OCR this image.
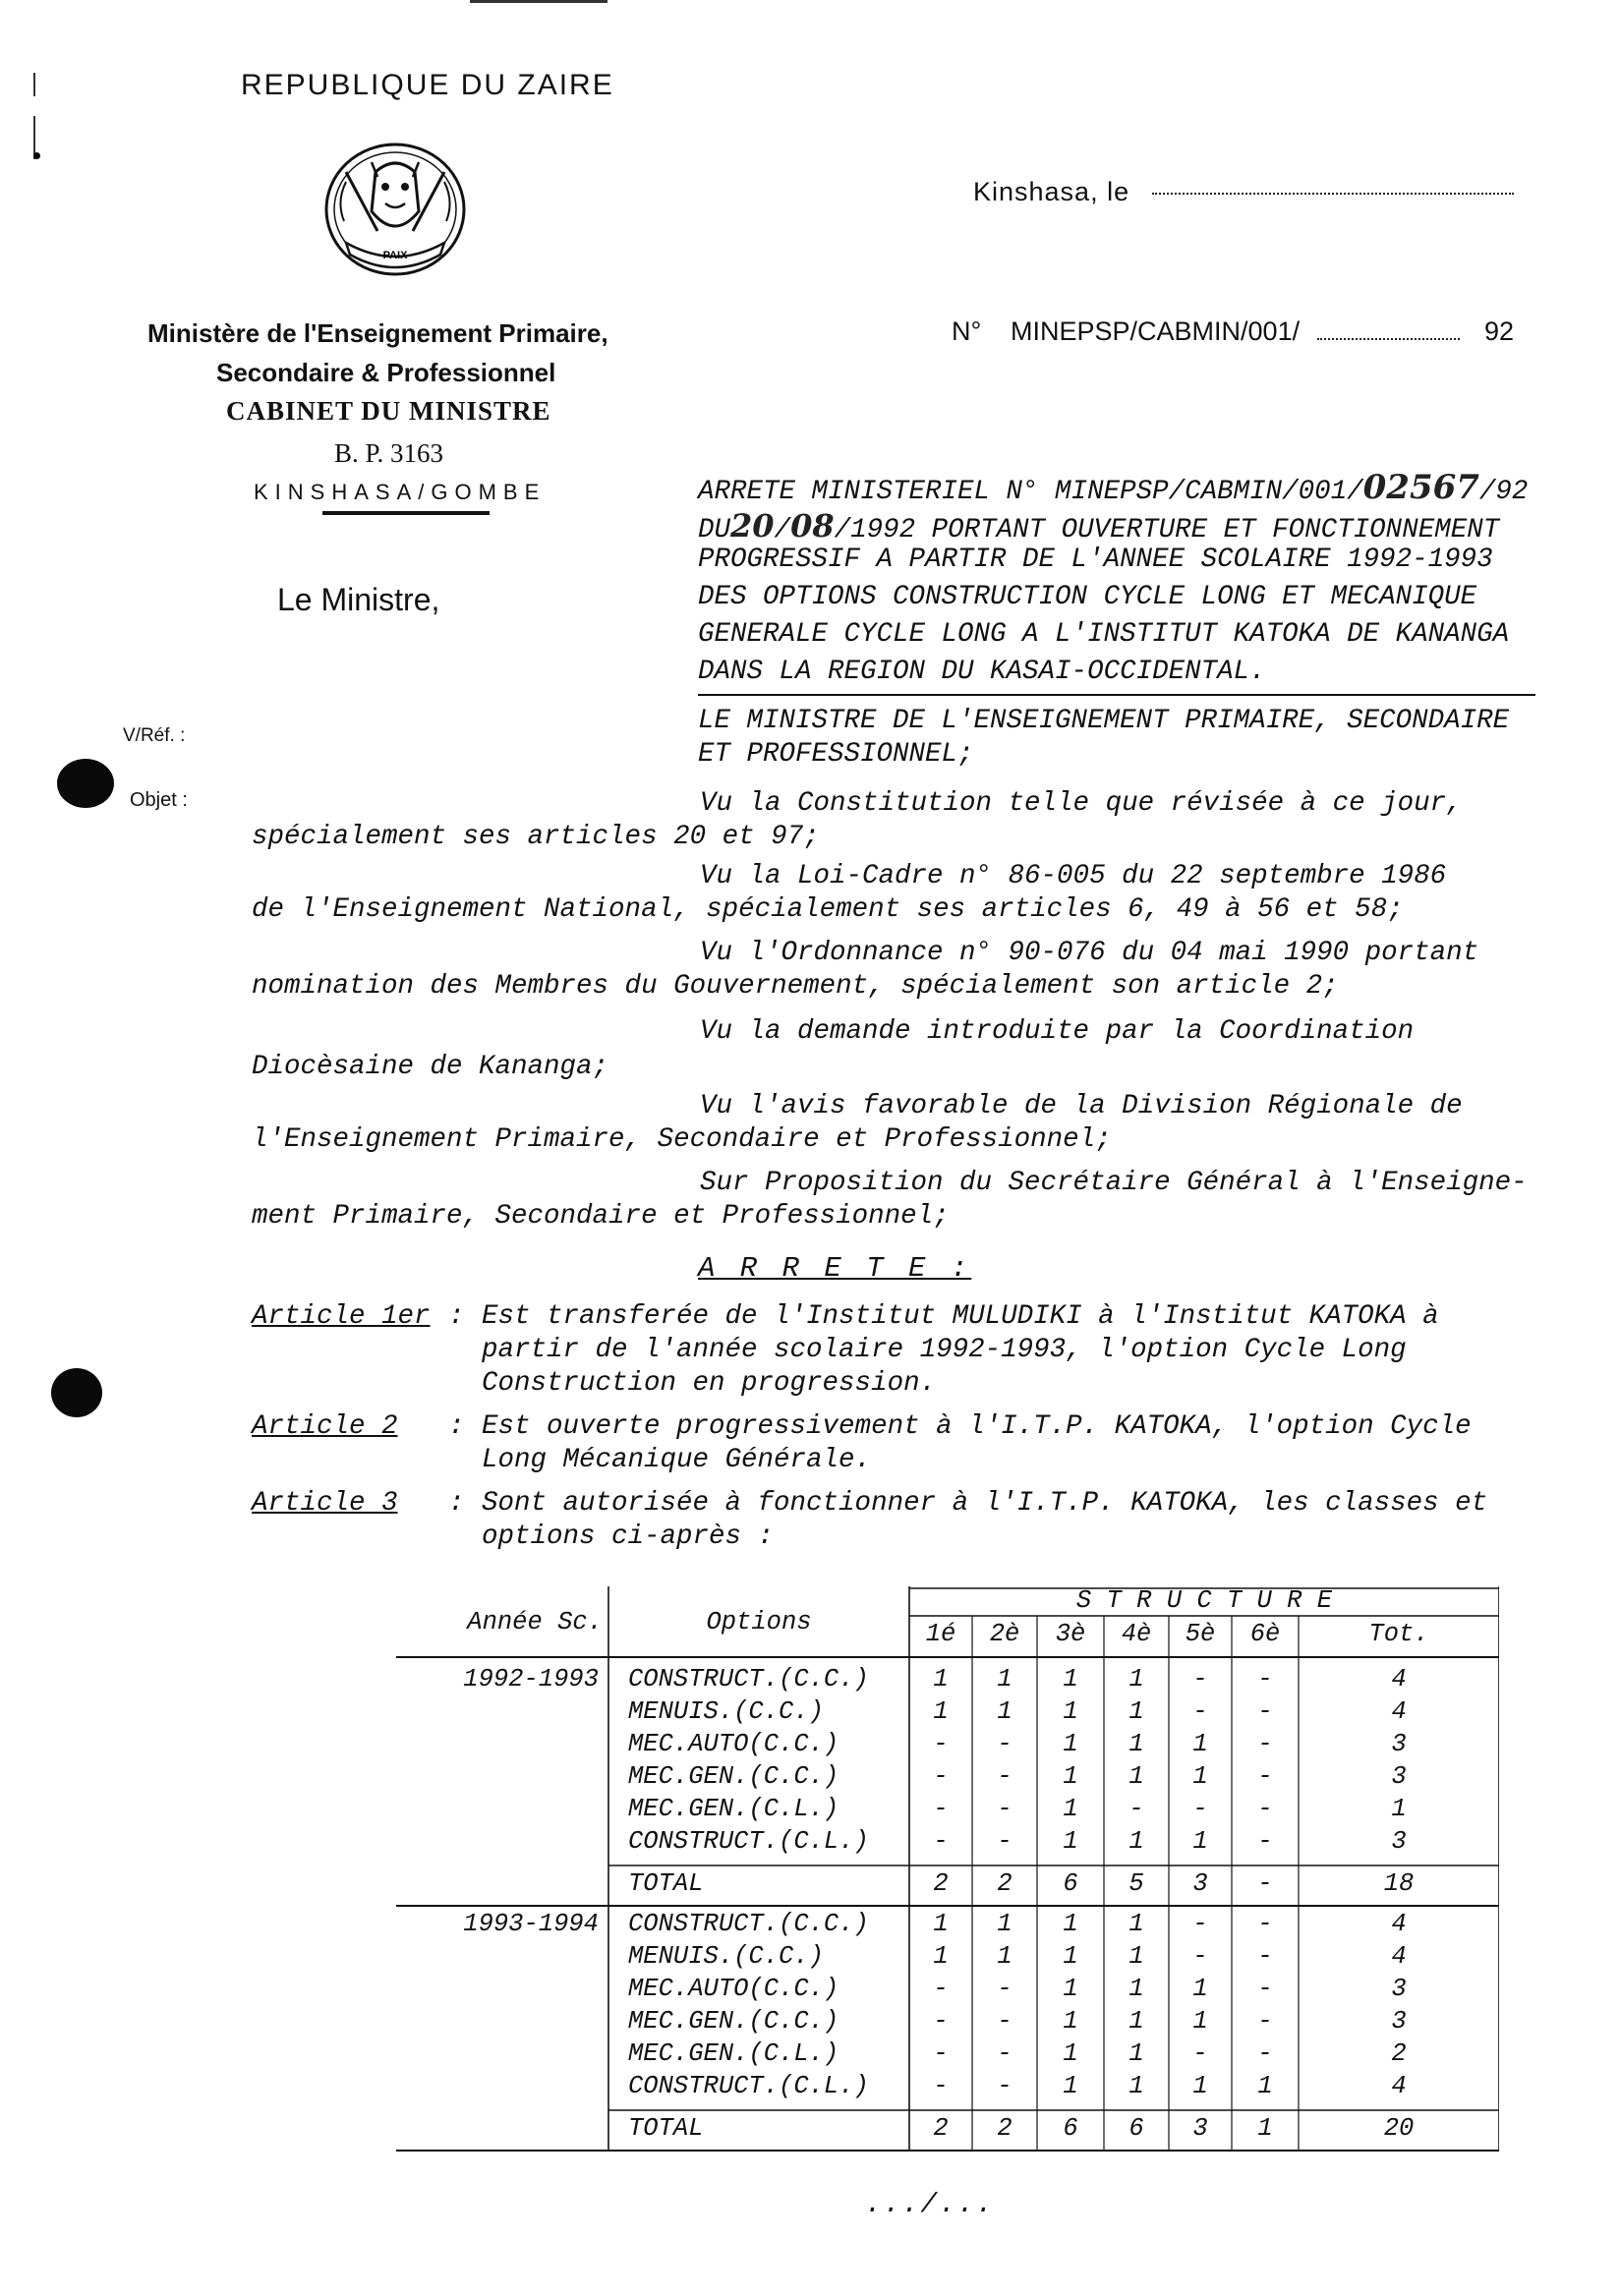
REPUBLIQUE DU ZAIRE
PAIX
Ministère de l'Enseignement Primaire,
Secondaire & Professionnel
CABINET DU MINISTRE
B. P. 3163
KINSHASA/GOMBE
Le Ministre,
Kinshasa, le
N° MINEPSP/CABMIN/001/	92
ARRETE MINISTERIEL N° MINEPSP/CABMIN/001/02567/92
DU20/08/1992 PORTANT OUVERTURE ET FONCTIONNEMENT
PROGRESSIF A PARTIR DE L'ANNEE SCOLAIRE 1992-1993
DES OPTIONS CONSTRUCTION CYCLE LONG ET MECANIQUE
GENERALE CYCLE LONG A L'INSTITUT KATOKA DE KANANGA
DANS LA REGION DU KASAI-OCCIDENTAL.
V/Réf. :
Objet :
LE MINISTRE DE L'ENSEIGNEMENT PRIMAIRE, SECONDAIRE
ET PROFESSIONNEL;
Vu la Constitution telle que révisée à ce jour,
spécialement ses articles 20 et 97;
Vu la Loi-Cadre n° 86-005 du 22 septembre 1986
de l'Enseignement National, spécialement ses articles 6, 49 à 56 et 58;
Vu l'Ordonnance n° 90-076 du 04 mai 1990 portant
nomination des Membres du Gouvernement, spécialement son article 2;
Vu la demande introduite par la Coordination
Diocèsaine de Kananga;
Vu l'avis favorable de la Division Régionale de
l'Enseignement Primaire, Secondaire et Professionnel;
Sur Proposition du Secrétaire Général à l'Enseigne-
ment Primaire, Secondaire et Professionnel;
A R R E T E :
Article 1er : Est transferée de l'Institut MULUDIKI à l'Institut KATOKA à
partir de l'année scolaire 1992-1993, l'option Cycle Long
Construction en progression.
Article 2 : Est ouverte progressivement à l'I.T.P. KATOKA, l'option Cycle
Long Mécanique Générale.
Article 3 : Sont autorisée à fonctionner à l'I.T.P. KATOKA, les classes et
options ci-après :
Année Sc.	Options
S T R U C T U R E
1é	2è	3è	4è	5è	6è	Tot.
1992-1993 CONSTRUCT.(C.C.)	1	1	1	1	-	-	4
MENUIS.(C.C.)	1	1	1	1	-	-	4
MEC.AUTO(C.C.)	-	-	1	1	1	-	3
MEC.GEN.(C.C.)	-	-	1	1	1	-	3
MEC.GEN.(C.L.)	-	-	1	-	-	-	1
CONSTRUCT.(C.L.)	-	-	1	1	1	-	3
TOTAL	2	2	6	5	3	-	18
1993-1994 CONSTRUCT.(C.C.)	1	1	1	1	-	-	4
MENUIS.(C.C.)	1	1	1	1	-	-	4
MEC.AUTO(C.C.)	-	-	1	1	1	-	3
MEC.GEN.(C.C.)	-	-	1	1	1	-	3
MEC.GEN.(C.L.)	-	-	1	1	-	-	2
CONSTRUCT.(C.L.)	-	-	1	1	1	1	4
TOTAL	2	2	6	6	3	1	20
.../...
